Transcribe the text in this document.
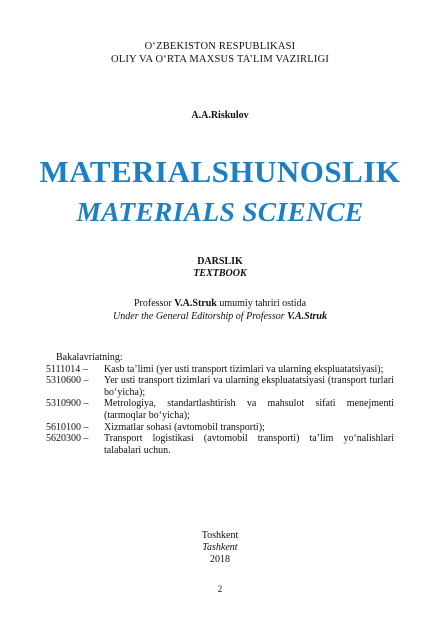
O‘ZBEKISTON RESPUBLIKASI
OLIY VA O‘RTA MAXSUS TA’LIM VAZIRLIGI
A.A.Riskulov
MATERIALSHUNOSLIK
MATERIALS SCIENCE
DARSLIK
TEXTBOOK
Professor V.A.Struk umumiy tahriri ostida
Under the General Editorship of Professor V.A.Struk
Bakalavriatning:
5111014 –	Kasb ta’limi (yer usti transport tizimlari va ularning ekspluatatsiyasi);
5310600 –	Yer usti transport tizimlari va ularning ekspluatatsiyasi (transport turlari bo‘yicha);
5310900 –	Metrologiya, standartlashtirish va mahsulot sifati menejmenti (tarmoqlar bo‘yicha);
5610100 –	Xizmatlar sohasi (avtomobil transporti);
5620300 –	Transport logistikasi (avtomobil transporti) ta’lim yo‘nalishlari talabalari uchun.
Toshkent
Tashkent
2018
2
